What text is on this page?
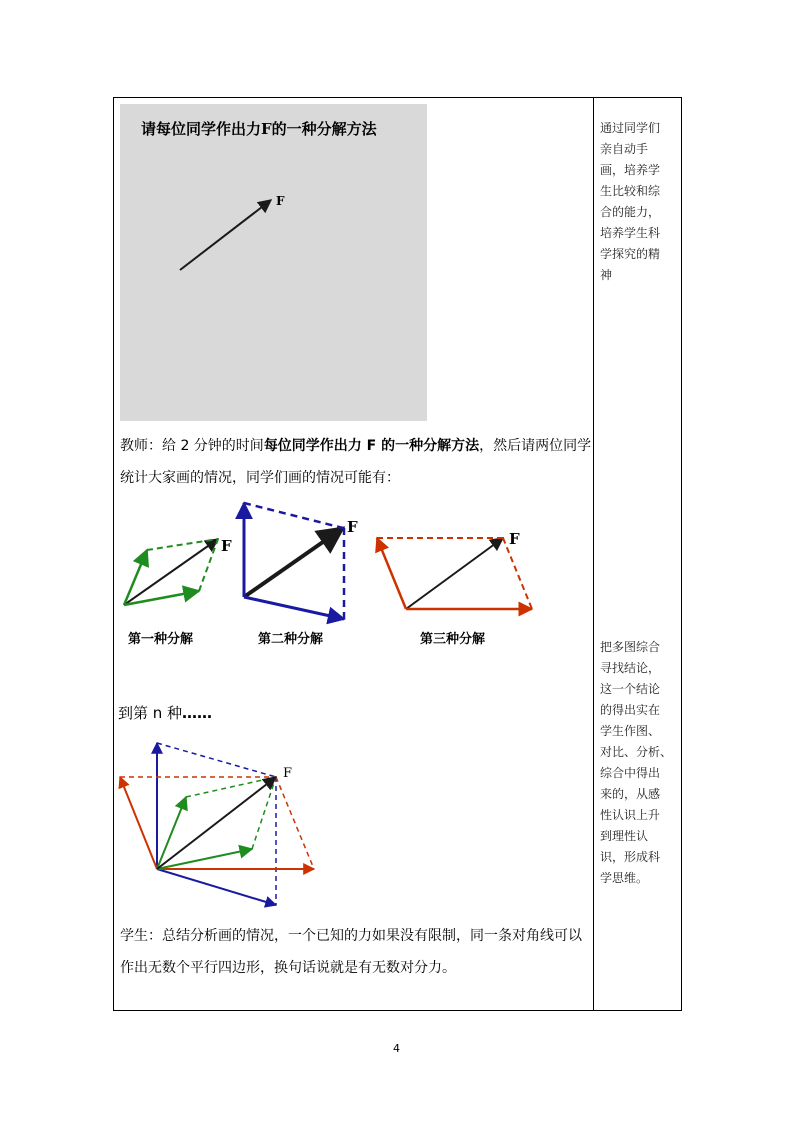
请每位同学作出力F的一种分解方法
F
教师：给 2 分钟的时间每位同学作出力 F 的一种分解方法，然后请两位同学
统计大家画的情况，同学们画的情况可能有：
F
F
F
第一种分解	第二种分解	第三种分解
到第 n 种……
F
学生：总结分析画的情况，一个已知的力如果没有限制，同一条对角线可以
作出无数个平行四边形，换句话说就是有无数对分力。
通过同学们
亲自动手
画，培养学
生比较和综
合的能力，
培养学生科
学探究的精
神
把多图综合
寻找结论，
这一个结论
的得出实在
学生作图、
对比、分析、
综合中得出
来的，从感
性认识上升
到理性认
识，形成科
学思维。
4
